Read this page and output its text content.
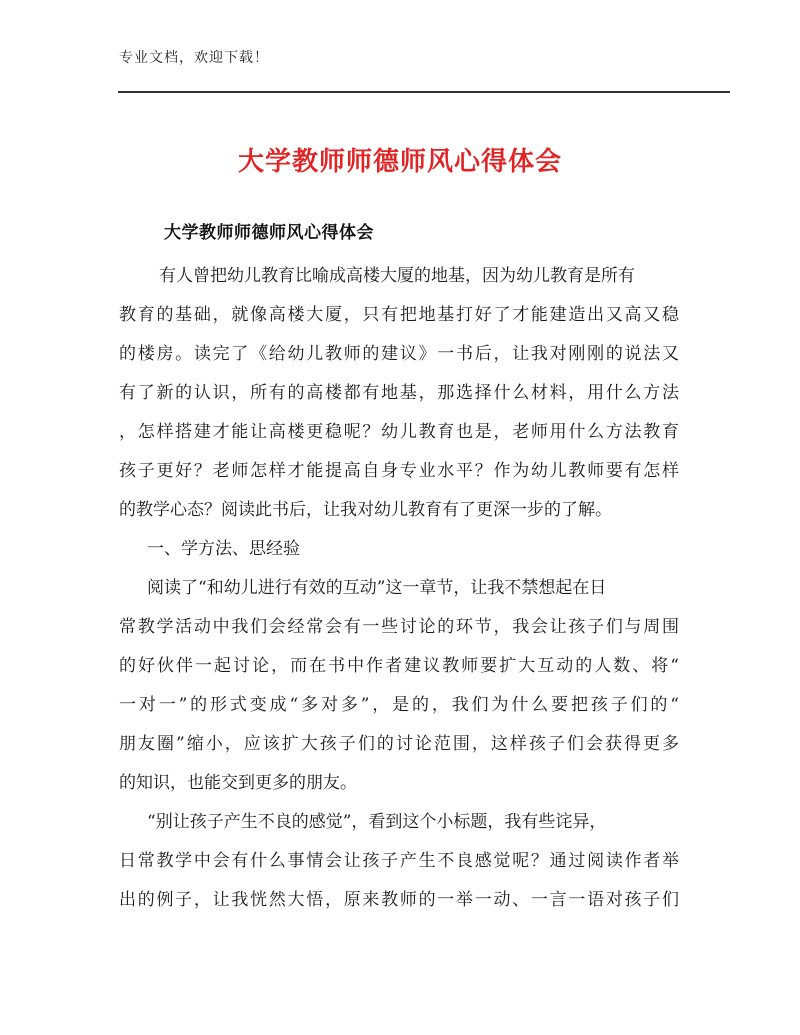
专业文档，欢迎下载！
大学教师师德师风心得体会
大学教师师德师风心得体会
有人曾把幼儿教育比喻成高楼大厦的地基，因为幼儿教育是所有
教育的基础，就像高楼大厦，只有把地基打好了才能建造出又高又稳
的楼房。读完了《给幼儿教师的建议》一书后，让我对刚刚的说法又
有了新的认识，所有的高楼都有地基，那选择什么材料，用什么方法
，怎样搭建才能让高楼更稳呢？幼儿教育也是，老师用什么方法教育
孩子更好？老师怎样才能提高自身专业水平？作为幼儿教师要有怎样
的教学心态？阅读此书后，让我对幼儿教育有了更深一步的了解。
一、学方法、思经验
阅读了“和幼儿进行有效的互动”这一章节，让我不禁想起在日
常教学活动中我们会经常会有一些讨论的环节，我会让孩子们与周围
的好伙伴一起讨论，而在书中作者建议教师要扩大互动的人数、将“
一对一”的形式变成“多对多”，是的，我们为什么要把孩子们的“
朋友圈”缩小，应该扩大孩子们的讨论范围，这样孩子们会获得更多
的知识，也能交到更多的朋友。
“别让孩子产生不良的感觉”，看到这个小标题，我有些诧异，
日常教学中会有什么事情会让孩子产生不良感觉呢？通过阅读作者举
出的例子，让我恍然大悟，原来教师的一举一动、一言一语对孩子们
